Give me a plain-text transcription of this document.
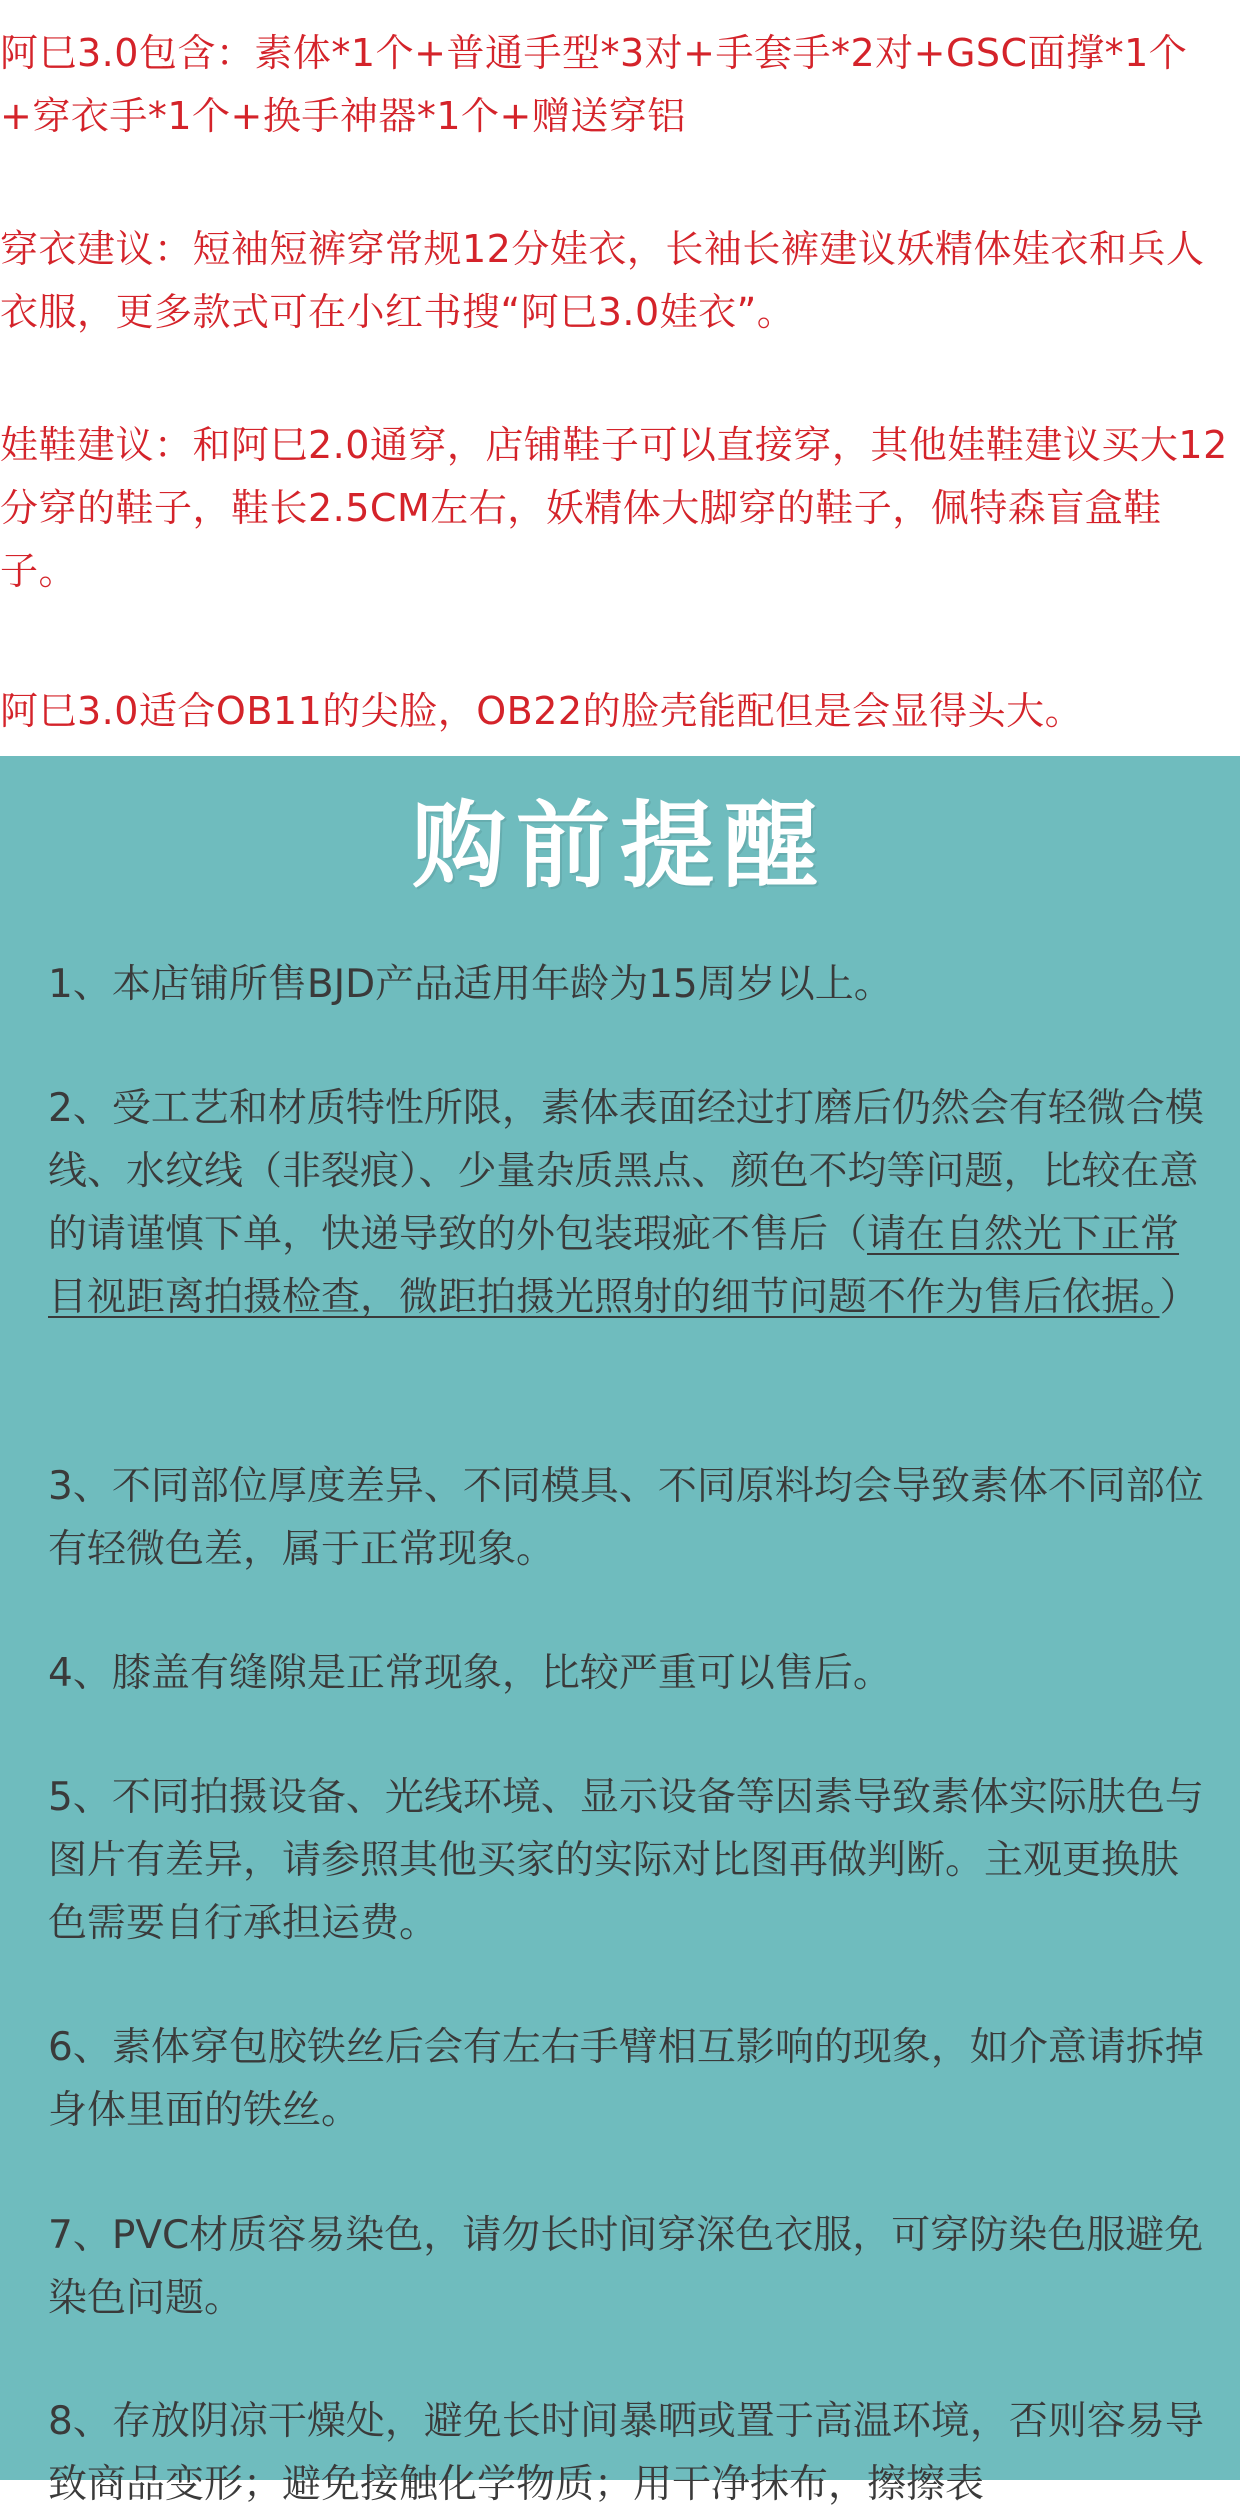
阿巳3.0包含：素体*1个+普通手型*3对+手套手*2对+GSC面撑*1个+穿衣手*1个+换手神器*1个+赠送穿铝

穿衣建议：短袖短裤穿常规12分娃衣，长袖长裤建议妖精体娃衣和兵人衣服，更多款式可在小红书搜“阿巳3.0娃衣”。

娃鞋建议：和阿巳2.0通穿，店铺鞋子可以直接穿，其他娃鞋建议买大12分穿的鞋子，鞋长2.5CM左右，妖精体大脚穿的鞋子，佩特森盲盒鞋子。

阿巳3.0适合OB11的尖脸，OB22的脸壳能配但是会显得头大。

购前提醒

1、本店铺所售BJD产品适用年龄为15周岁以上。

2、受工艺和材质特性所限，素体表面经过打磨后仍然会有轻微合模线、水纹线（非裂痕）、少量杂质黑点、颜色不均等问题，比较在意的请谨慎下单，快递导致的外包装瑕疵不售后（请在自然光下正常目视距离拍摄检查，微距拍摄光照射的细节问题不作为售后依据。）

3、不同部位厚度差异、不同模具、不同原料均会导致素体不同部位有轻微色差，属于正常现象。

4、膝盖有缝隙是正常现象，比较严重可以售后。

5、不同拍摄设备、光线环境、显示设备等因素导致素体实际肤色与图片有差异，请参照其他买家的实际对比图再做判断。主观更换肤色需要自行承担运费。

6、素体穿包胶铁丝后会有左右手臂相互影响的现象，如介意请拆掉身体里面的铁丝。

7、PVC材质容易染色，请勿长时间穿深色衣服，可穿防染色服避免染色问题。

8、存放阴凉干燥处，避免长时间暴晒或置于高温环境，否则容易导致商品变形；避免接触化学物质；用干净抹布，擦擦表
